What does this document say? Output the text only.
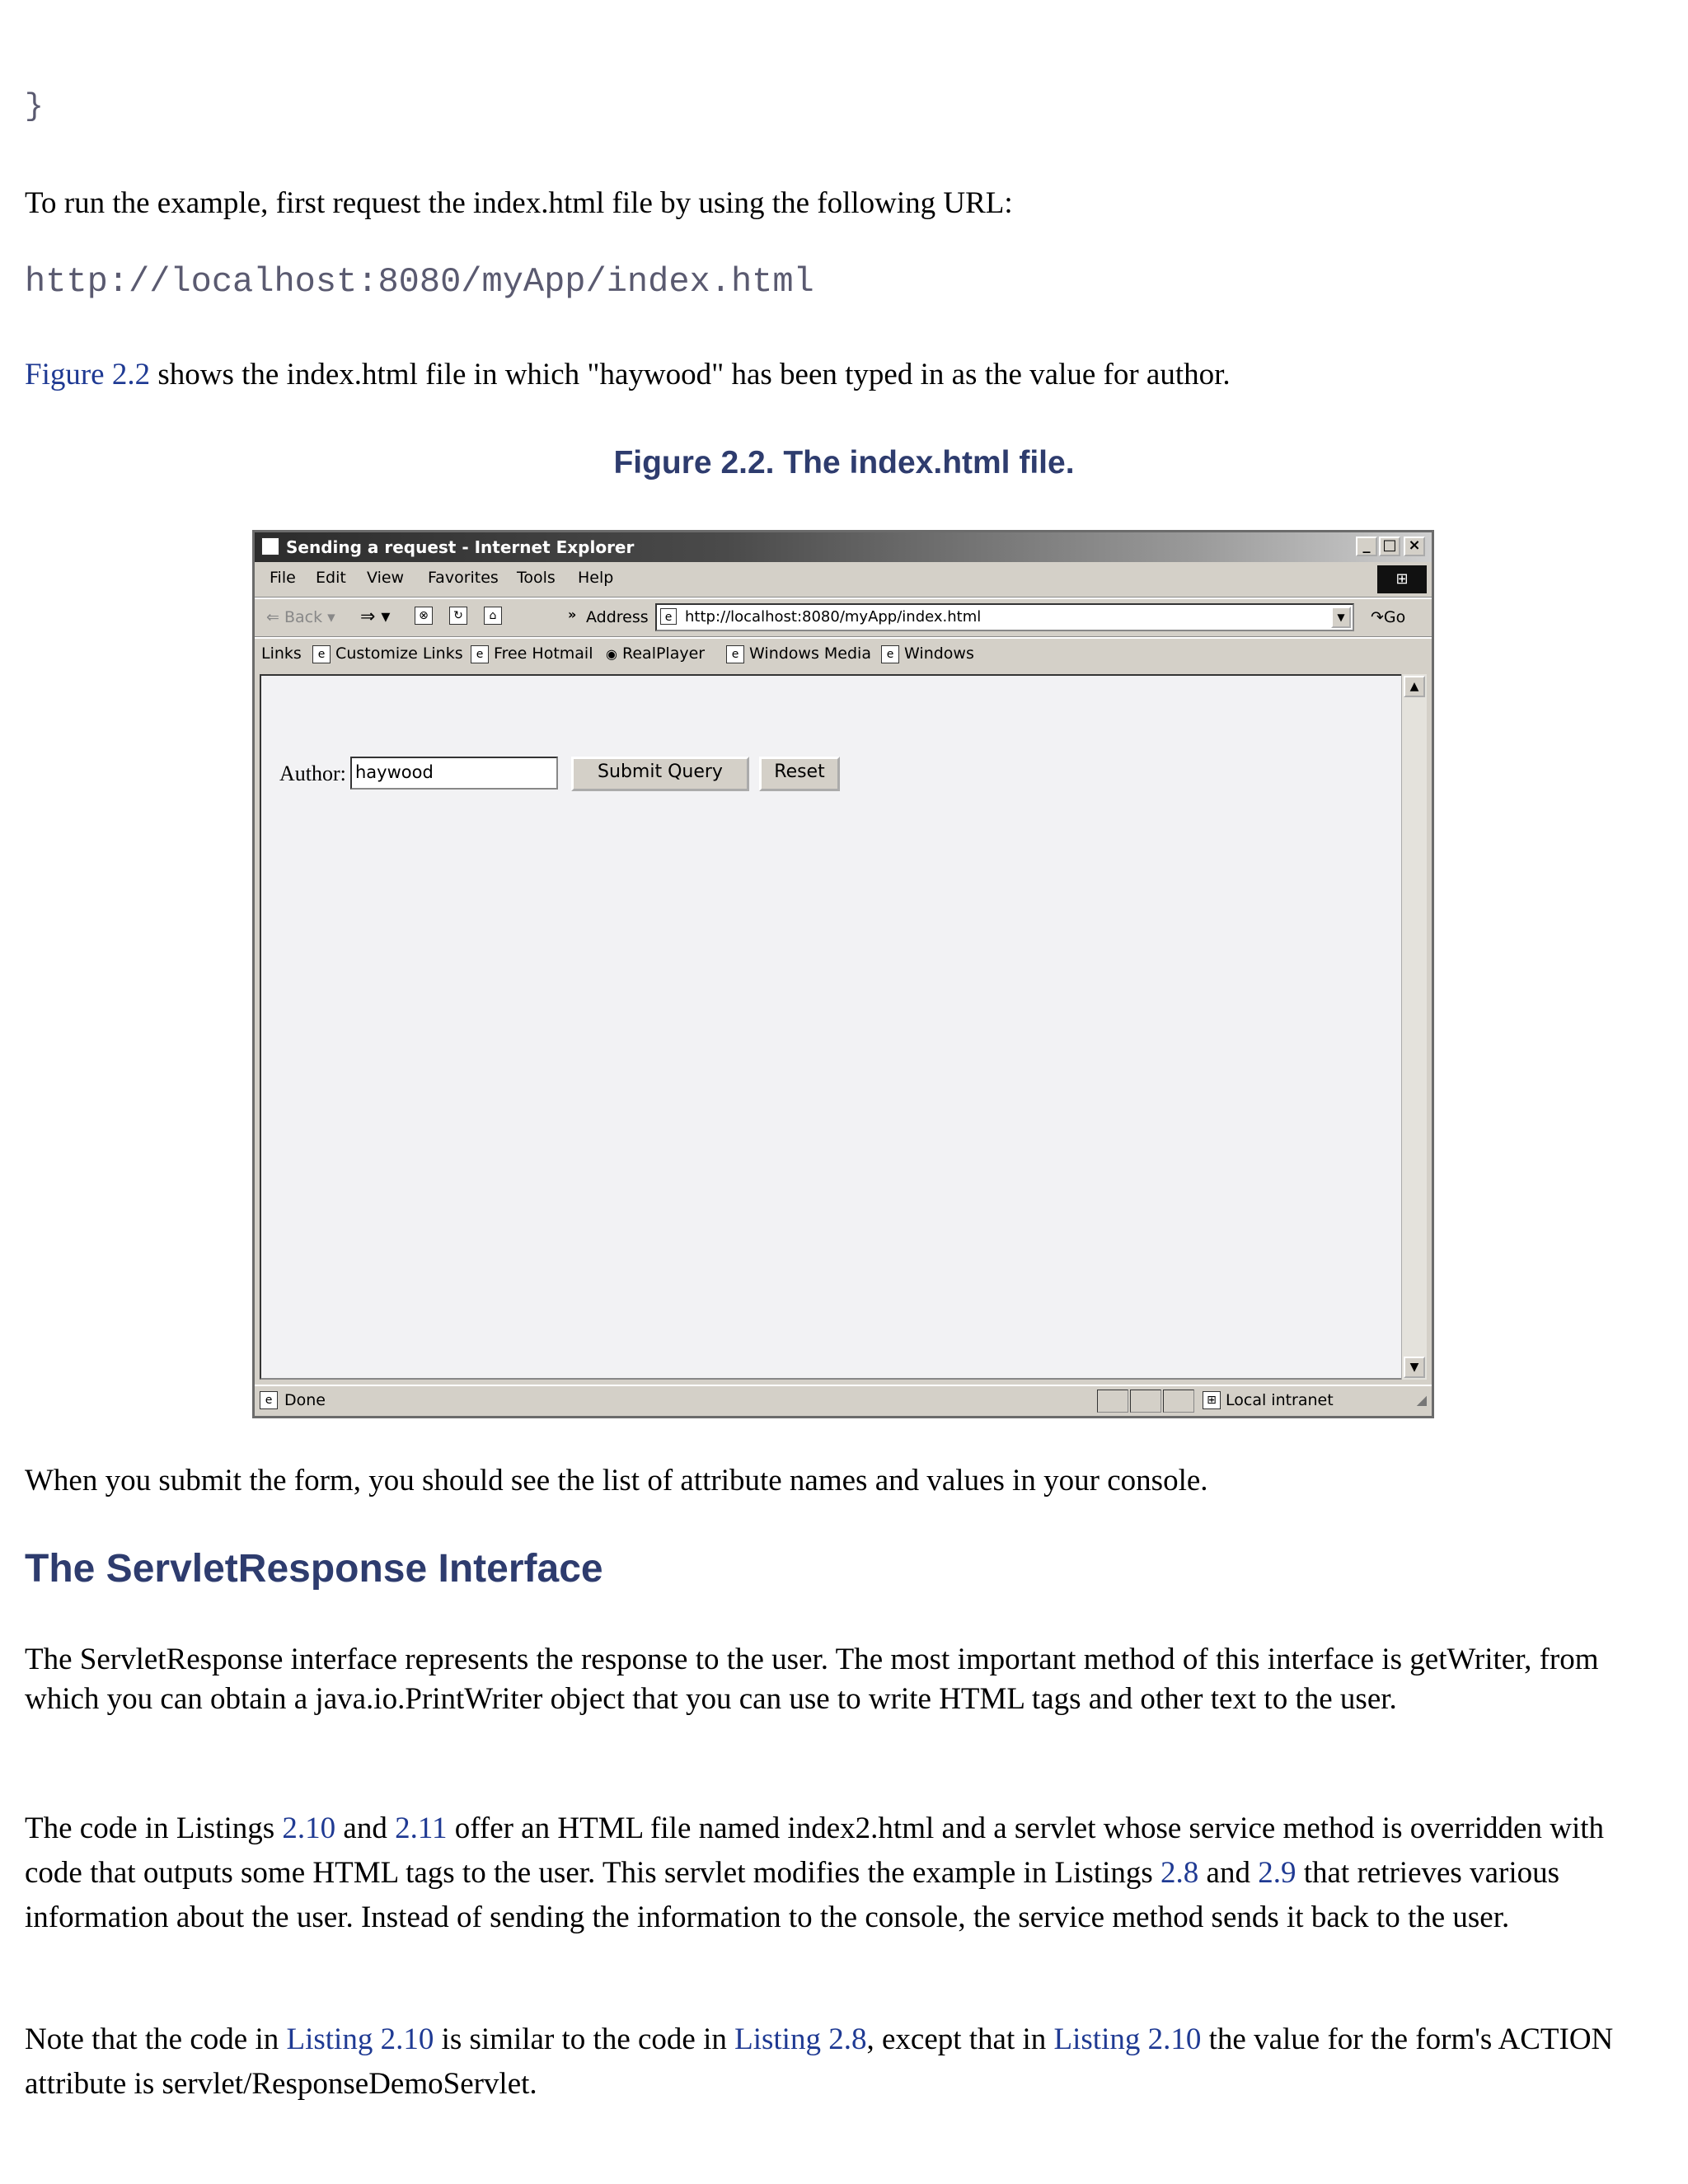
}
To run the example, first request the index.html file by using the following URL:
http://localhost:8080/myApp/index.html
Figure 2.2 shows the index.html file in which "haywood" has been typed in as the value for author.
Figure 2.2. The index.html file.
e Sending a request - Internet Explorer	_ □ ×
File Edit View Favorites Tools Help	⊞
⇐ Back ▾ ⇒ ▾	⊗	↻	⌂	» Address	e http://localhost:8080/myApp/index.html	▼	↷Go
Links	e Customize Links	e Free Hotmail ◉ RealPlayer	e Windows Media	e Windows
Author: haywood	Submit Query	Reset
▲
▼
e Done	⊞ Local intranet	◢
When you submit the form, you should see the list of attribute names and values in your console.
The ServletResponse Interface
The ServletResponse interface represents the response to the user. The most important method of this interface is getWriter, from which you can obtain a java.io.PrintWriter object that you can use to write HTML tags and other text to the user.
The code in Listings 2.10 and 2.11 offer an HTML file named index2.html and a servlet whose service method is overridden with code that outputs some HTML tags to the user. This servlet modifies the example in Listings 2.8 and 2.9 that retrieves various information about the user. Instead of sending the information to the console, the service method sends it back to the user.
Note that the code in Listing 2.10 is similar to the code in Listing 2.8, except that in Listing 2.10 the value for the form's ACTION attribute is servlet/ResponseDemoServlet.
